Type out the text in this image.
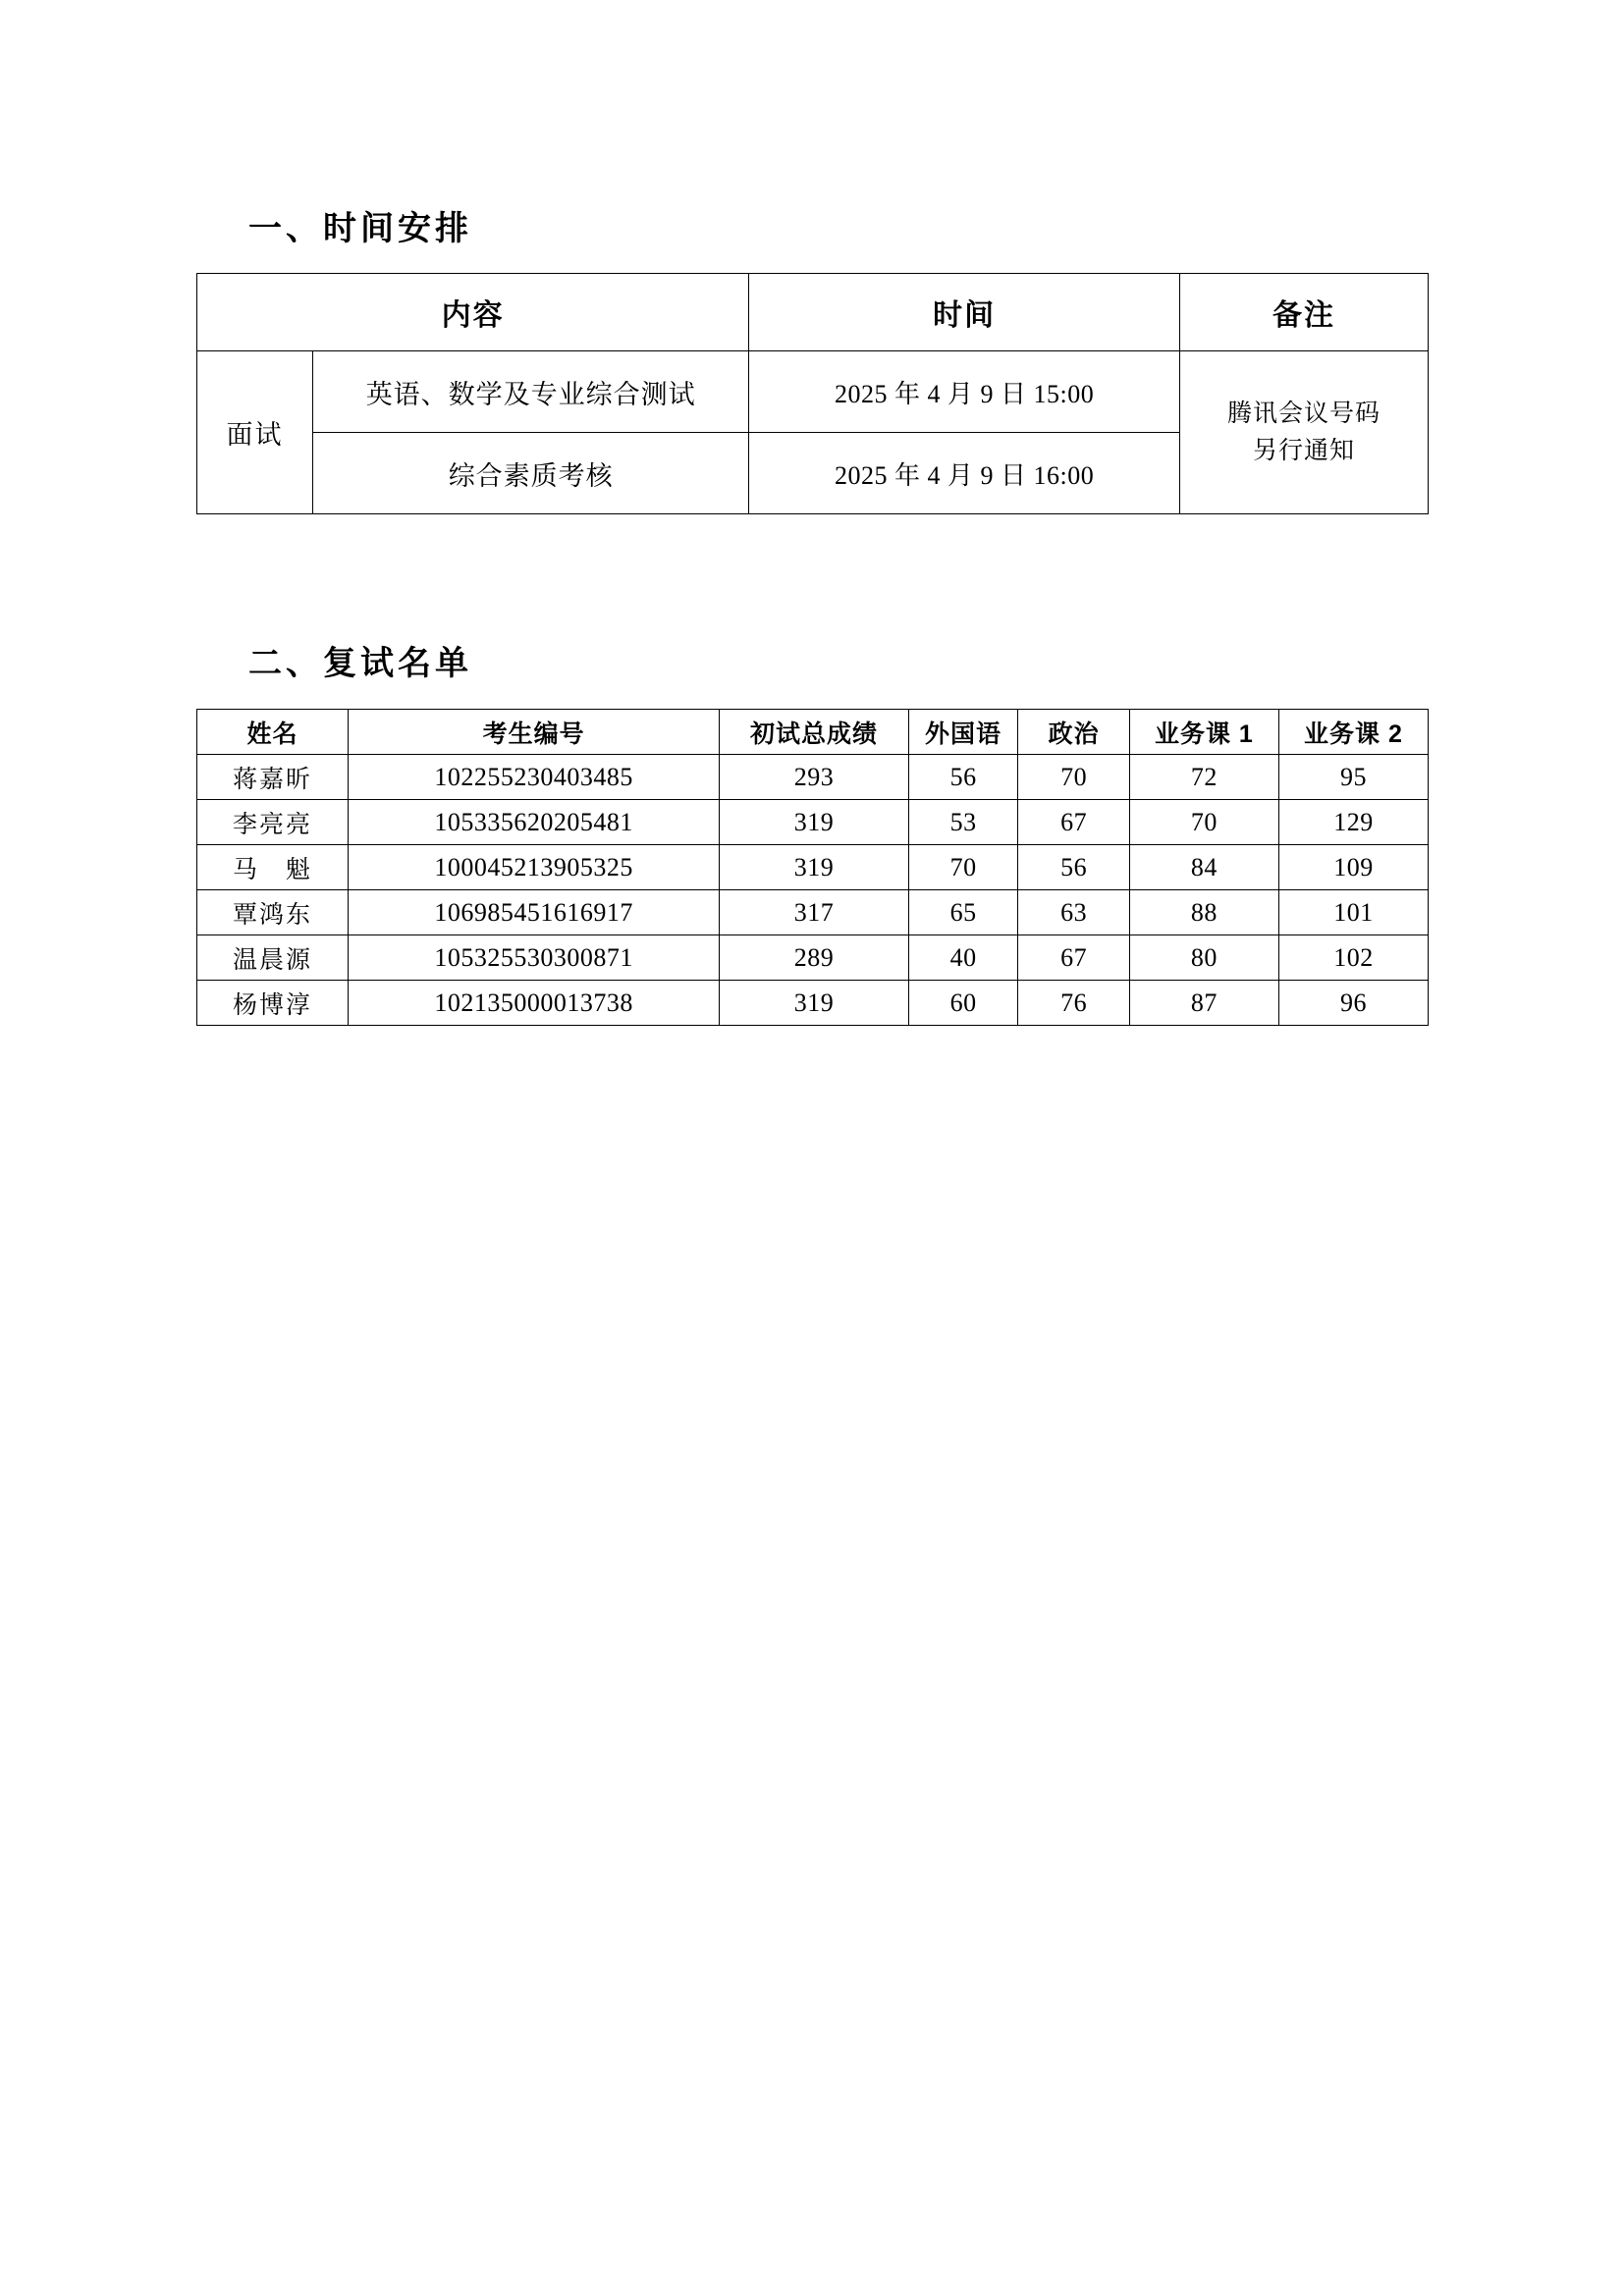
一、时间安排
内容		时间	备注
面试	英语、数学及专业综合测试	2025 年 4 月 9 日 15:00	腾讯会议号码
另行通知

	综合素质考核	2025 年 4 月 9 日 16:00	
二、复试名单
姓名	考生编号	初试总成绩	外国语	政治	业务课 1	业务课 2
蒋嘉昕	102255230403485	293	56	70	72	95
李亮亮	105335620205481	319	53	67	70	129
马　魁	100045213905325	319	70	56	84	109
覃鸿东	106985451616917	317	65	63	88	101
温晨源	105325530300871	289	40	67	80	102
杨博淳	102135000013738	319	60	76	87	96
